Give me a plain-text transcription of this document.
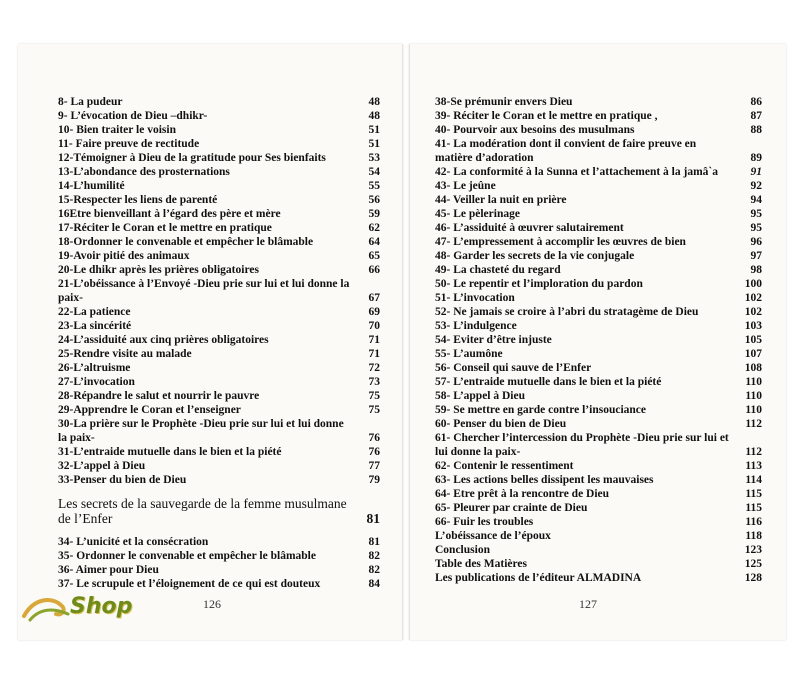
8- La pudeur	48
9- L’évocation de Dieu –dhikr-	48
10- Bien traiter le voisin	51
11- Faire preuve de rectitude	51
12-Témoigner à Dieu de la gratitude pour Ses bienfaits	53
13-L’abondance des prosternations	54
14-L’humilité	55
15-Respecter les liens de parenté	56
16Etre bienveillant à l’égard des père et mère	59
17-Réciter le Coran et le mettre en pratique	62
18-Ordonner le convenable et empêcher le blâmable	64
19-Avoir pitié des animaux	65
20-Le dhikr après les prières obligatoires	66
21-L’obéissance à l’Envoyé -Dieu prie sur lui et lui donne la paix-	67
22-La patience	69
23-La sincérité	70
24-L’assiduité aux cinq prières obligatoires	71
25-Rendre visite au malade	71
26-L’altruisme	72
27-L’invocation	73
28-Répandre le salut et nourrir le pauvre	75
29-Apprendre le Coran et l’enseigner	75
30-La prière sur le Prophète -Dieu prie sur lui et lui donne la paix-	76
31-L’entraide mutuelle dans le bien et la piété	76
32-L’appel à Dieu	77
33-Penser du bien de Dieu	79
Les secrets de la sauvegarde de la femme musulmane de l’Enfer	81
34- L’unicité et la consécration	81
35- Ordonner le convenable et empêcher le blâmable	82
36- Aimer pour Dieu	82
37- Le scrupule et l’éloignement de ce qui est douteux	84
126
38-Se prémunir envers Dieu	86
39- Réciter le Coran et le mettre en pratique ,	87
40- Pourvoir aux besoins des musulmans	88
41- La modération dont il convient de faire preuve en matière d’adoration	89
42- La conformité à la Sunna et l’attachement à la jamâ`a	91
43- Le jeûne	92
44- Veiller la nuit en prière	94
45- Le pèlerinage	95
46- L’assiduité à œuvrer salutairement	95
47- L’empressement à accomplir les œuvres de bien	96
48- Garder les secrets de la vie conjugale	97
49- La chasteté du regard	98
50- Le repentir et l’imploration du pardon	100
51- L’invocation	102
52- Ne jamais se croire à l’abri du stratagème de Dieu	102
53- L’indulgence	103
54- Eviter d’être injuste	105
55- L’aumône	107
56- Conseil qui sauve de l’Enfer	108
57- L’entraide mutuelle dans le bien et la piété	110
58- L’appel à Dieu	110
59- Se mettre en garde contre l’insouciance	110
60- Penser du bien de Dieu	112
61- Chercher l’intercession du Prophète -Dieu prie sur lui et lui donne la paix-	112
62- Contenir le ressentiment	113
63- Les actions belles dissipent les mauvaises	114
64- Etre prêt à la rencontre de Dieu	115
65- Pleurer par crainte de Dieu	115
66- Fuir les troubles	116
L’obéissance de l’époux	118
Conclusion	123
Table des Matières	125
Les publications de l’éditeur ALMADINA	128
127
Shop
